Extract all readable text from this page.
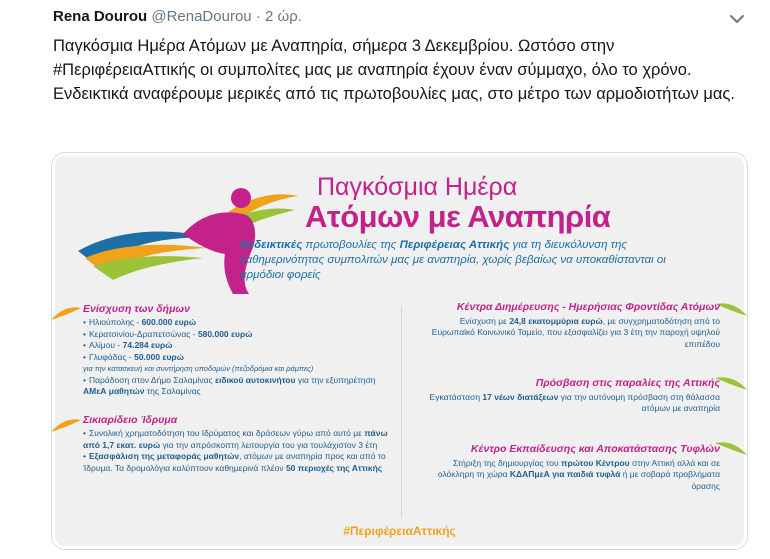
Rena Dourou @RenaDourou · 2 ώρ.
Παγκόσμια Ημέρα Ατόμων με Αναπηρία, σήμερα 3 Δεκεμβρίου. Ωστόσο στην #ΠεριφέρειαΑττικής οι συμπολίτες μας με αναπηρία έχουν έναν σύμμαχο, όλο το χρόνο. Ενδεικτικά αναφέρουμε μερικές από τις πρωτοβουλίες μας, στο μέτρο των αρμοδιοτήτων μας.
Παγκόσμια Ημέρα
Ατόμων με Αναπηρία
Ενδεικτικές πρωτοβουλίες της Περιφέρειας Αττικής για τη διευκόλυνση της καθημερινότητας συμπολιτών μας με αναπηρία, χωρίς βεβαίως να υποκαθίστανται οι αρμόδιοι φορείς
Ενίσχυση των δήμων
• Ηλιούπολης - 600.000 ευρώ
• Κερατσινίου-Δραπετσώνας - 580.000 ευρώ
• Αλίμου - 74.284 ευρώ
• Γλυφάδας - 50.000 ευρώ
για την κατασκευή και συντήρηση υποδομών (πεζοδρόμια και ράμπες)
• Παράδοση στον Δήμο Σαλαμίνας ειδικού αυτοκινήτου για την εξυπηρέτηση ΑΜεΑ μαθητών της Σαλαμίνας
Σικιαρίδειο Ίδρυμα
• Συνολική χρηματοδότηση του Ιδρύματος και δράσεων γύρω από αυτό με πάνω από 1,7 εκατ. ευρώ για την απρόσκοπτη λειτουργία του για τουλάχιστον 3 έτη
• Εξασφάλιση της μεταφοράς μαθητών, ατόμων με αναπηρία προς και από το Ίδρυμα. Τα δρομολόγια καλύπτουν καθημερινά πλέον 50 περιοχές της Αττικής
Κέντρα Διημέρευσης - Ημερήσιας Φροντίδας Ατόμων
Ενίσχυση με 24,8 εκατομμύρια ευρώ, με συγχρηματοδότηση από το Ευρωπαϊκό Κοινωνικό Ταμείο, που εξασφαλίζει για 3 έτη την παροχή υψηλού επιπέδου
Πρόσβαση στις παραλίες της Αττικής
Εγκατάσταση 17 νέων διατάξεων για την αυτόνομη πρόσβαση στη θάλασσα ατόμων με αναπηρία
Κέντρο Εκπαίδευσης και Αποκατάστασης Τυφλών
Στήριξη της δημιουργίας του πρώτου Κέντρου στην Αττική αλλά και σε ολόκληρη τη χώρα ΚΔΑΠμεΑ για παιδιά τυφλά ή με σοβαρά προβλήματα όρασης
#ΠεριφέρειαΑττικής
